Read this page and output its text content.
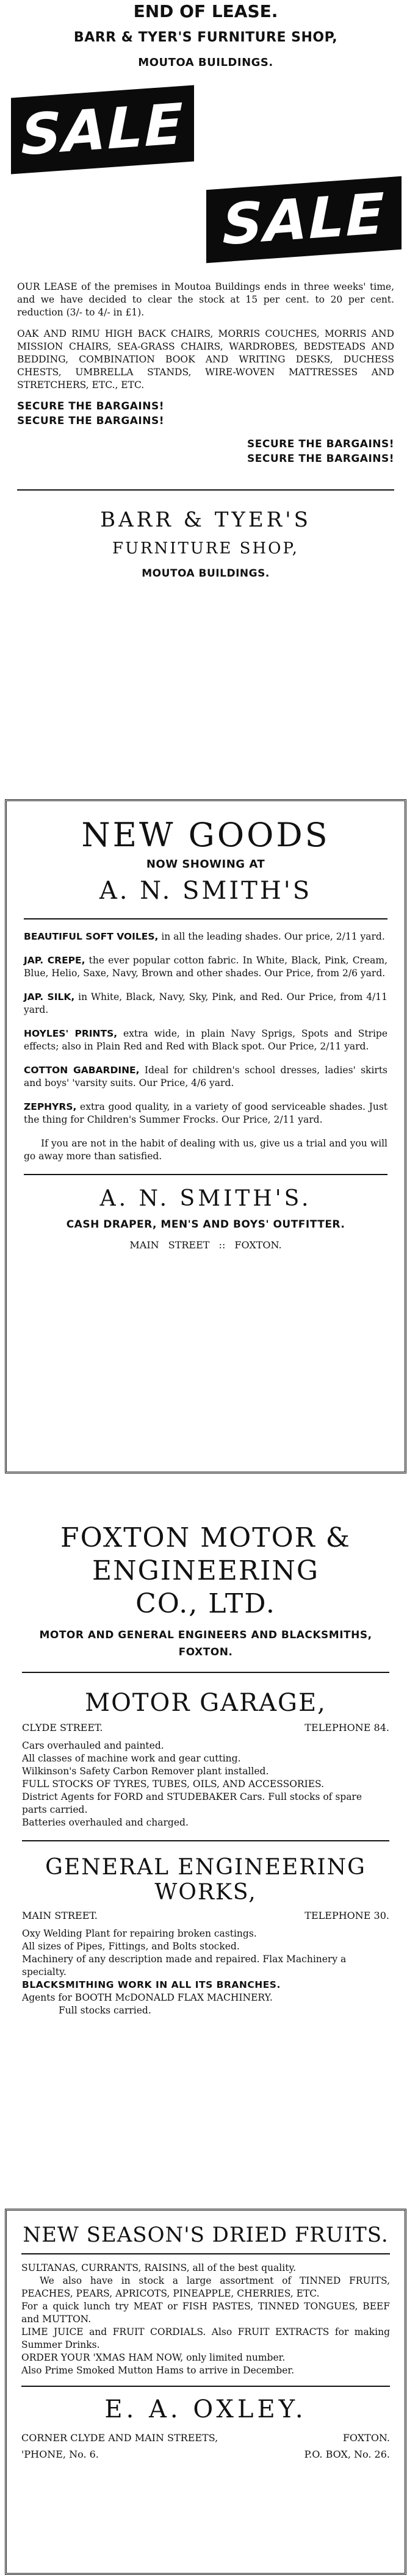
END OF LEASE.
BARR & TYER'S FURNITURE SHOP,
MOUTOA BUILDINGS.
SALE
SALE

OUR LEASE of the premises in Moutoa Buildings ends in three weeks' time, and we have decided to clear the stock at 15 per cent. to 20 per cent. reduction (3/- to 4/- in £1).

OAK AND RIMU HIGH BACK CHAIRS, MORRIS COUCHES, MORRIS AND MISSION CHAIRS, SEA-GRASS CHAIRS, WARDROBES, BEDSTEADS AND BEDDING, COMBINATION BOOK AND WRITING DESKS, DUCHESS CHESTS, UMBRELLA STANDS, WIRE-WOVEN MATTRESSES AND STRETCHERS, ETC., ETC.

SECURE THE BARGAINS!
SECURE THE BARGAINS!
SECURE THE BARGAINS!
SECURE THE BARGAINS!
BARR & TYER'S
FURNITURE SHOP,
MOUTOA BUILDINGS.
NEW GOODS
NOW SHOWING AT
A. N. SMITH'S

BEAUTIFUL SOFT VOILES, in all the leading shades. Our price, 2/11 yard.

JAP. CREPE, the ever popular cotton fabric. In White, Black, Pink, Cream, Blue, Helio, Saxe, Navy, Brown and other shades. Our Price, from 2/6 yard.

JAP. SILK, in White, Black, Navy, Sky, Pink, and Red. Our Price, from 4/11 yard.

HOYLES' PRINTS, extra wide, in plain Navy Sprigs, Spots and Stripe effects; also in Plain Red and Red with Black spot. Our Price, 2/11 yard.

COTTON GABARDINE, Ideal for children's school dresses, ladies' skirts and boys' 'varsity suits. Our Price, 4/6 yard.

ZEPHYRS, extra good quality, in a variety of good serviceable shades. Just the thing for Children's Summer Frocks. Our Price, 2/11 yard.

If you are not in the habit of dealing with us, give us a trial and you will go away more than satisfied.

A. N. SMITH'S.
CASH DRAPER, MEN'S AND BOYS' OUTFITTER.
MAIN STREET :: FOXTON.
FOXTON MOTOR &
ENGINEERING
CO., LTD.
MOTOR AND GENERAL ENGINEERS AND BLACKSMITHS,
FOXTON.
MOTOR GARAGE,
CLYDE STREET.	TELEPHONE 84.

Cars overhauled and painted.

All classes of machine work and gear cutting.

Wilkinson's Safety Carbon Remover plant installed.

FULL STOCKS OF TYRES, TUBES, OILS, AND ACCESSORIES.

District Agents for FORD and STUDEBAKER Cars. Full stocks of spare parts carried.

Batteries overhauled and charged.

GENERAL ENGINEERING
WORKS,
MAIN STREET.	TELEPHONE 30.

Oxy Welding Plant for repairing broken castings.

All sizes of Pipes, Fittings, and Bolts stocked.

Machinery of any description made and repaired. Flax Machinery a specialty.

BLACKSMITHING WORK IN ALL ITS BRANCHES.

Agents for BOOTH McDONALD FLAX MACHINERY.

Full stocks carried.

NEW SEASON'S DRIED FRUITS.

SULTANAS, CURRANTS, RAISINS, all of the best quality.

We also have in stock a large assortment of TINNED FRUITS, PEACHES, PEARS, APRICOTS, PINEAPPLE, CHERRIES, ETC.

For a quick lunch try MEAT or FISH PASTES, TINNED TONGUES, BEEF and MUTTON.

LIME JUICE and FRUIT CORDIALS. Also FRUIT EXTRACTS for making Summer Drinks.

ORDER YOUR 'XMAS HAM NOW, only limited number.

Also Prime Smoked Mutton Hams to arrive in December.

E. A. OXLEY.
CORNER CLYDE AND MAIN STREETS,	FOXTON.
'PHONE, No. 6.	P.O. BOX, No. 26.
